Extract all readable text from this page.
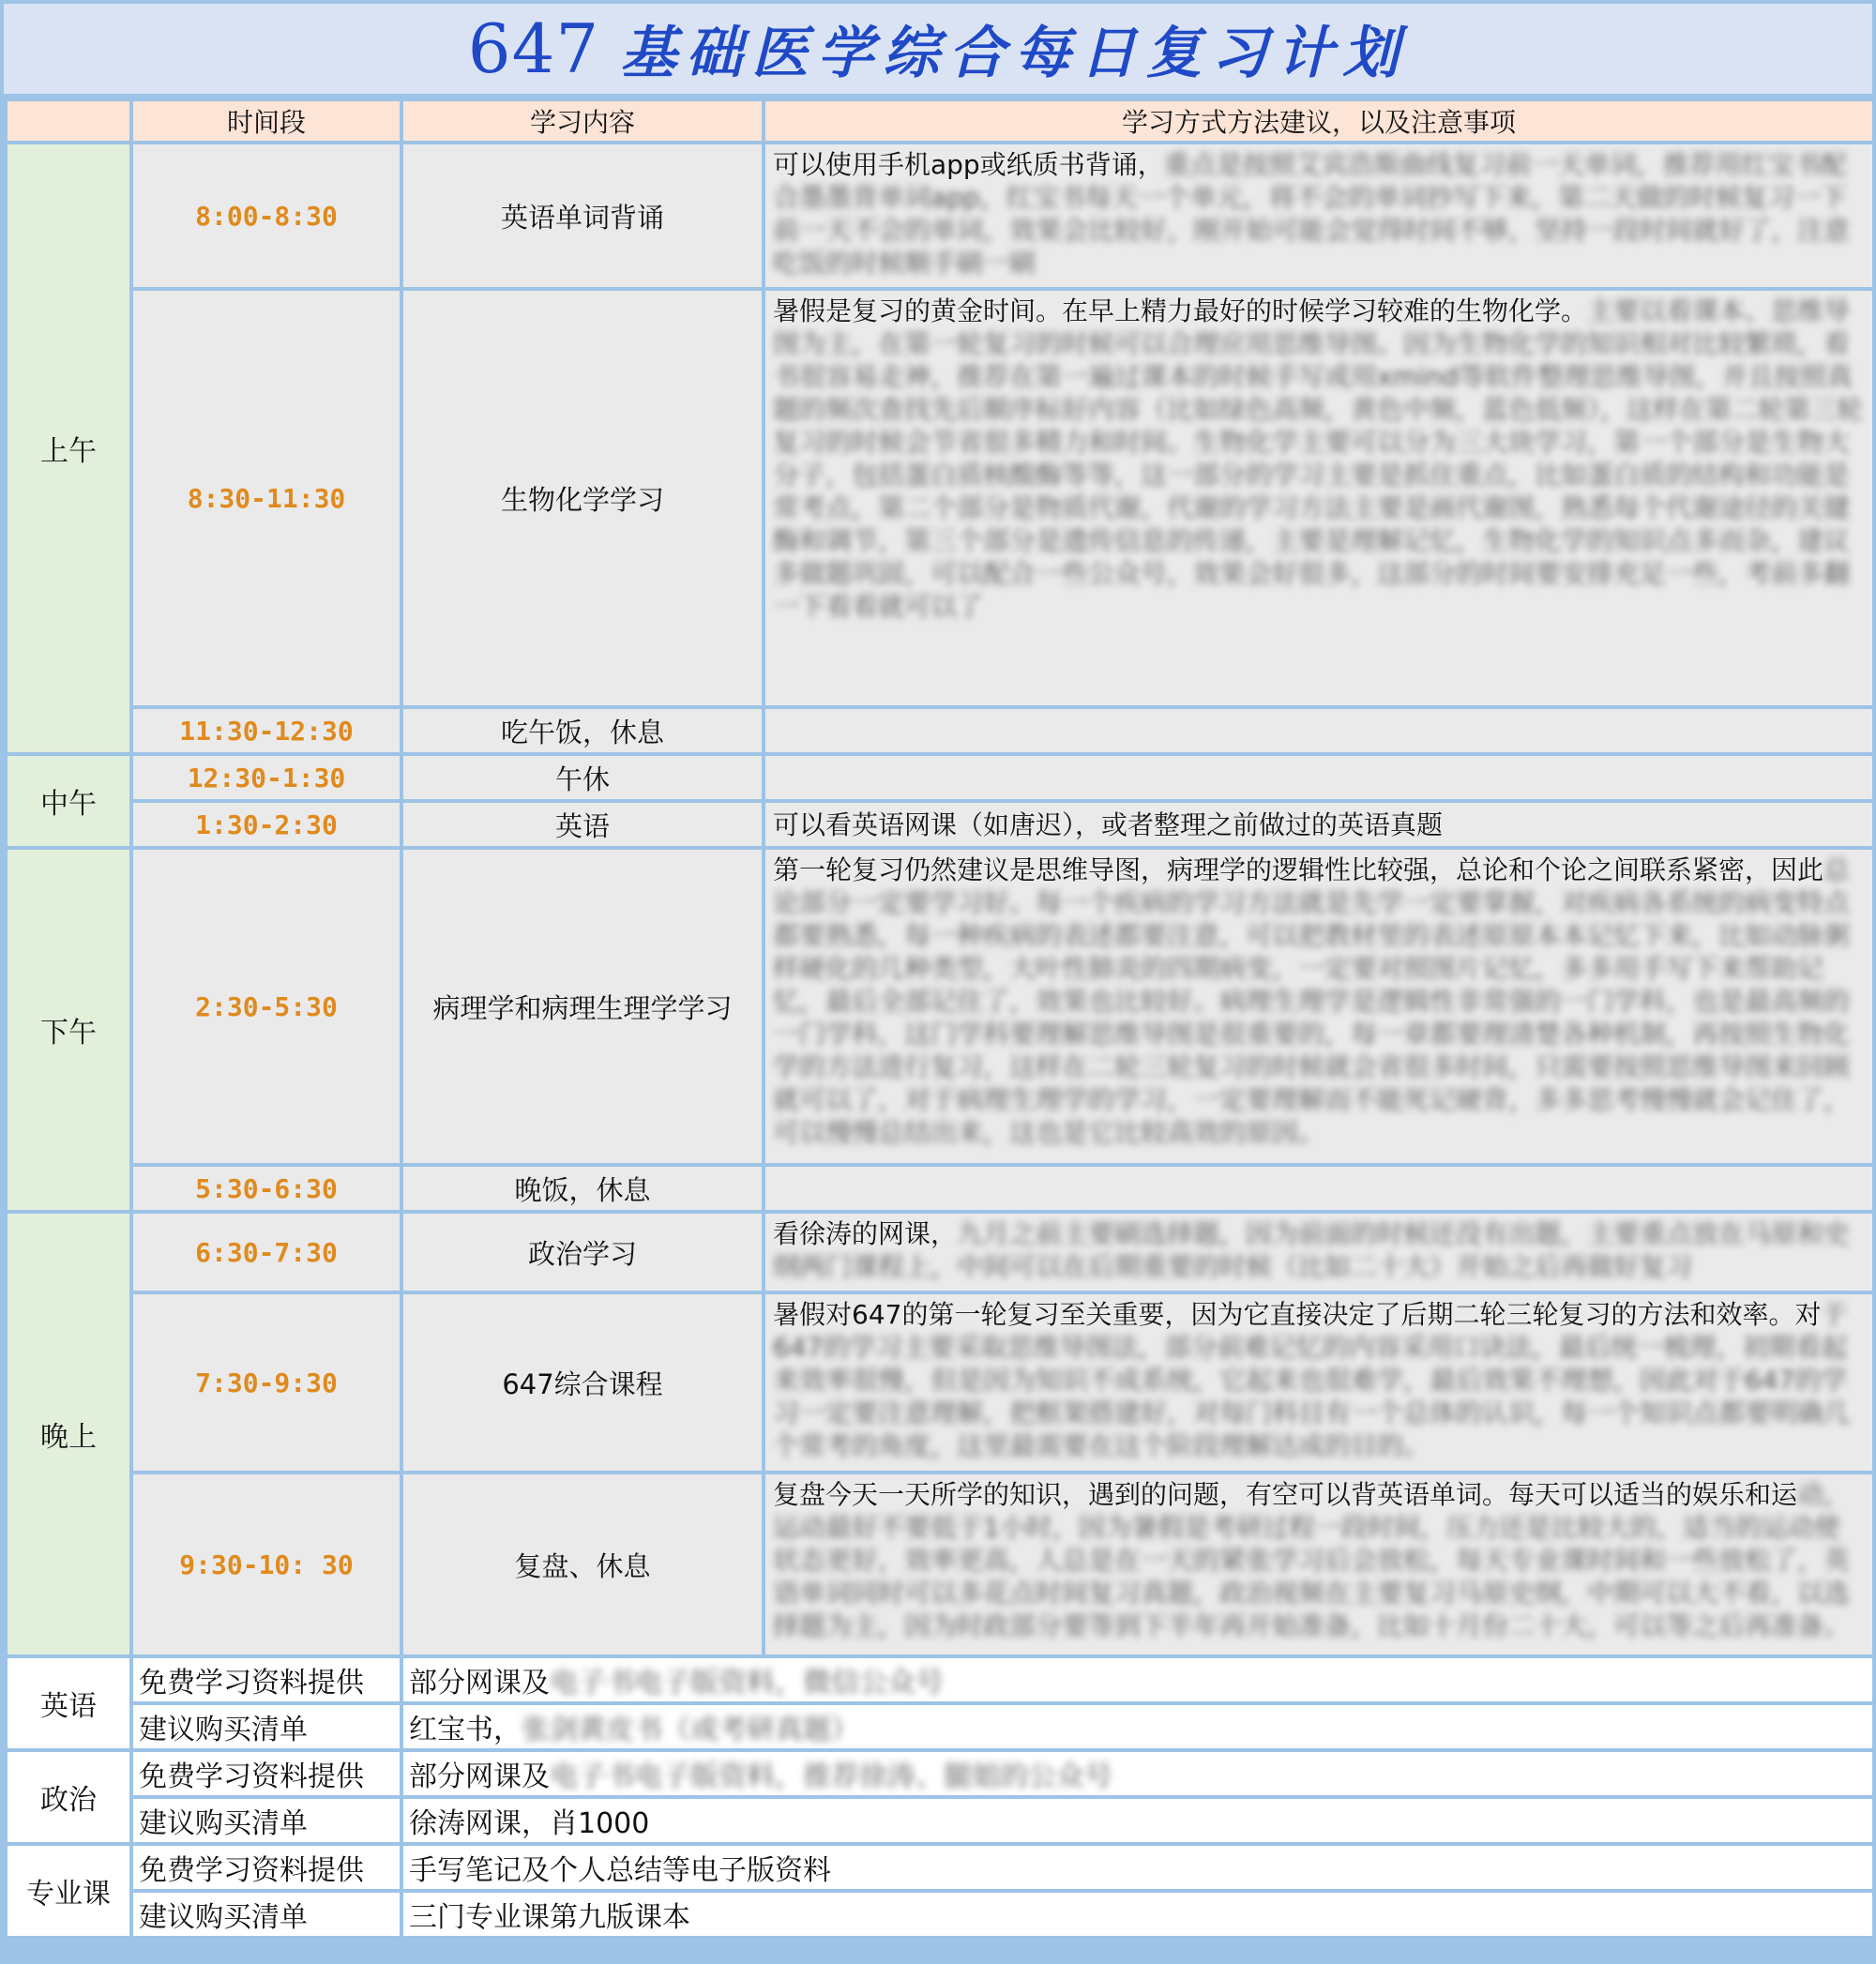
647 基础医学综合每日复习计划
	时间段	学习内容	学习方式方法建议，以及注意事项
上午	8:00-8:30	英语单词背诵	可以使用手机app或纸质书背诵，重点是按照艾宾浩斯曲线复习前一天单词，推荐用红宝书配合墨墨背单词app，红宝书每天一个单元，将不会的单词抄写下来，第二天做的时候复习一下前一天不会的单词，效果会比较好，刚开始可能会觉得时间不够，坚持一段时间就好了，注意吃饭的时候顺手刷一刷
	8:30-11:30	生物化学学习	暑假是复习的黄金时间。在早上精力最好的时候学习较难的生物化学。主要以看课本、思维导图为主，在第一轮复习的时候可以合理应用思维导图。因为生物化学的知识相对比较繁琐，看书很容易走神，推荐在第一遍过课本的时候手写或用xmind等软件整理思维导图，并且按照真题的频次查找先后顺序标好内容（比如绿色高频，黄色中频，蓝色低频），这样在第二轮第三轮复习的时候会节省很多精力和时间。生物化学主要可以分为三大块学习，第一个部分是生物大分子，包括蛋白质核酸酶等等，这一部分的学习主要是抓住重点，比如蛋白质的结构和功能是常考点，第二个部分是物质代谢，代谢的学习方法主要是画代谢图，熟悉每个代谢途径的关键酶和调节，第三个部分是遗传信息的传递，主要是理解记忆，生物化学的知识点多而杂，建议多做题巩固，可以配合一些公众号，效果会好很多，这部分的时间要安排充足一些，考前多翻一下看看就可以了
	11:30-12:30	吃午饭，休息	
中午	12:30-1:30	午休	
	1:30-2:30	英语	可以看英语网课（如唐迟），或者整理之前做过的英语真题
下午	2:30-5:30	病理学和病理生理学学习	第一轮复习仍然建议是思维导图，病理学的逻辑性比较强，总论和个论之间联系紧密，因此总论部分一定要学习好。每一个疾病的学习方法就是先学一定要掌握，对疾病各系统的病变特点都要熟悉，每一种疾病的表述都要注意，可以把教材里的表述原原本本记忆下来，比如动脉粥样硬化的几种类型，大叶性肺炎的四期病变，一定要对照图片记忆，多多用手写下来帮助记忆，最后全部记住了，效果也比较好。病理生理学是逻辑性非常强的一门学科，也是最高频的一门学科，这门学科要理解思维导图是很重要的，每一章都要理清楚各种机制，再按照生物化学的方法进行复习，这样在二轮三轮复习的时候就会省很多时间，只需要按照思维导图来回顾就可以了，对于病理生理学的学习，一定要理解而不能死记硬背，多多思考慢慢就会记住了，可以慢慢总结出来，这也是它比较高效的原因。
	5:30-6:30	晚饭，休息	
晚上	6:30-7:30	政治学习	看徐涛的网课，九月之前主要刷选择题，因为前面的时候还没有出题，主要重点放在马原和史纲两门课程上，中间可以在后期重要的时候（比如二十大）开始之后再做好复习
	7:30-9:30	647综合课程	暑假对647的第一轮复习至关重要，因为它直接决定了后期二轮三轮复习的方法和效率。对于647的学习主要采取思维导图法，部分前难记忆的内容采用口诀法，最后统一梳理，初期看起来效率很慢，但是因为知识不成系统，它起来也很难学，最后效果不理想，因此对于647的学习一定要注意理解，把框架搭建好，对每门科目有一个总体的认识，每一个知识点都要明确几个常考的角度，这里最需要在这个阶段理解达成的目的。
	9:30-10: 30	复盘、休息	复盘今天一天所学的知识，遇到的问题，有空可以背英语单词。每天可以适当的娱乐和运动，运动最好不要低于1小时，因为暑假是考研过程一段时间，压力还是比较大的，适当的运动使状态更好，效率更高，人总是在一天的紧张学习后会放松，每天专业课时间和一些放松了，英语单词同时可以多花点时间复习真题，政治视频在主要复习马原史纲，中期可以大不看，以选择题为主，因为时政部分要等到下半年再开始准备，比如十月份二十大，可以等之后再准备。
英语	免费学习资料提供	部分网课及电子书电子版资料，微信公众号	
	建议购买清单	红宝书，张剑黄皮书（或考研真题）	
政治	免费学习资料提供	部分网课及电子书电子版资料，推荐徐涛、腿姐的公众号	
	建议购买清单	徐涛网课，肖1000	
专业课	免费学习资料提供	手写笔记及个人总结等电子版资料	
	建议购买清单	三门专业课第九版课本	
